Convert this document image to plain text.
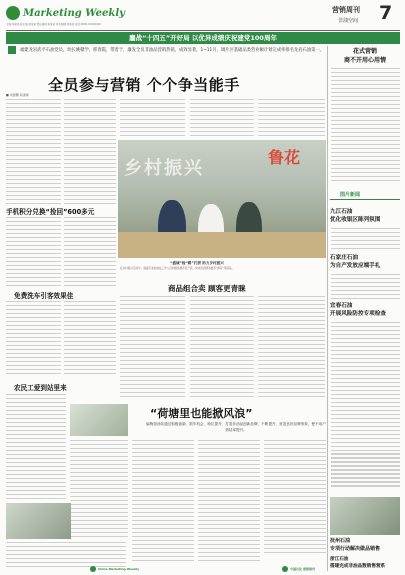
Marketing Weekly
主编:某某某 副主编:某某某 责任编辑:某某某 美术编辑:某某某 电话:0000-00000000
营销周刊
非油空间 7
鏖战“十四五”开好局 以优异成绩庆祝建党100周年
福建龙岩武平石油党员，幼长姚赣学，邢春霞，带着于，廉发全员非油品营销热销，成效显著，1~11月，调片区基础品类营业额计划完成率排名龙岩石油第一。
全员参与营销 个个争当能手
■ 刘惠馨 杨清师
手机积分兑换“捡回”600多元
免费洗车引客效果佳
农民工爱到站里来
China Marketing Weekly
乡村振兴
鲁花
“盛诚”检“路”打拼 助力乡村振兴
在乡村振兴活动中，福建石油加油站工作人员向顾客推荐农产品，向来往的顾客推荐“鲁花”等商品。
商品组合卖 顾客更青睐
“荷塘里也能掀风浪”
偏梅加油站通过积极创新，抓牢机会、吨位提升、打造非油品创新品牌，不断提升，营造良好品牌形象，使不用户到站率提升。
中国石化 营销周刊
花式营销
商不开用心用情
图片新闻
九江石油
优化收银区陈列氛围
石家庄石油
为自产发放应端手礼
宜春石油
开展风险防控专项检查
抚州石油
专项行动解决做品销售
浙江石油
搭建完成非油品数销售营系
